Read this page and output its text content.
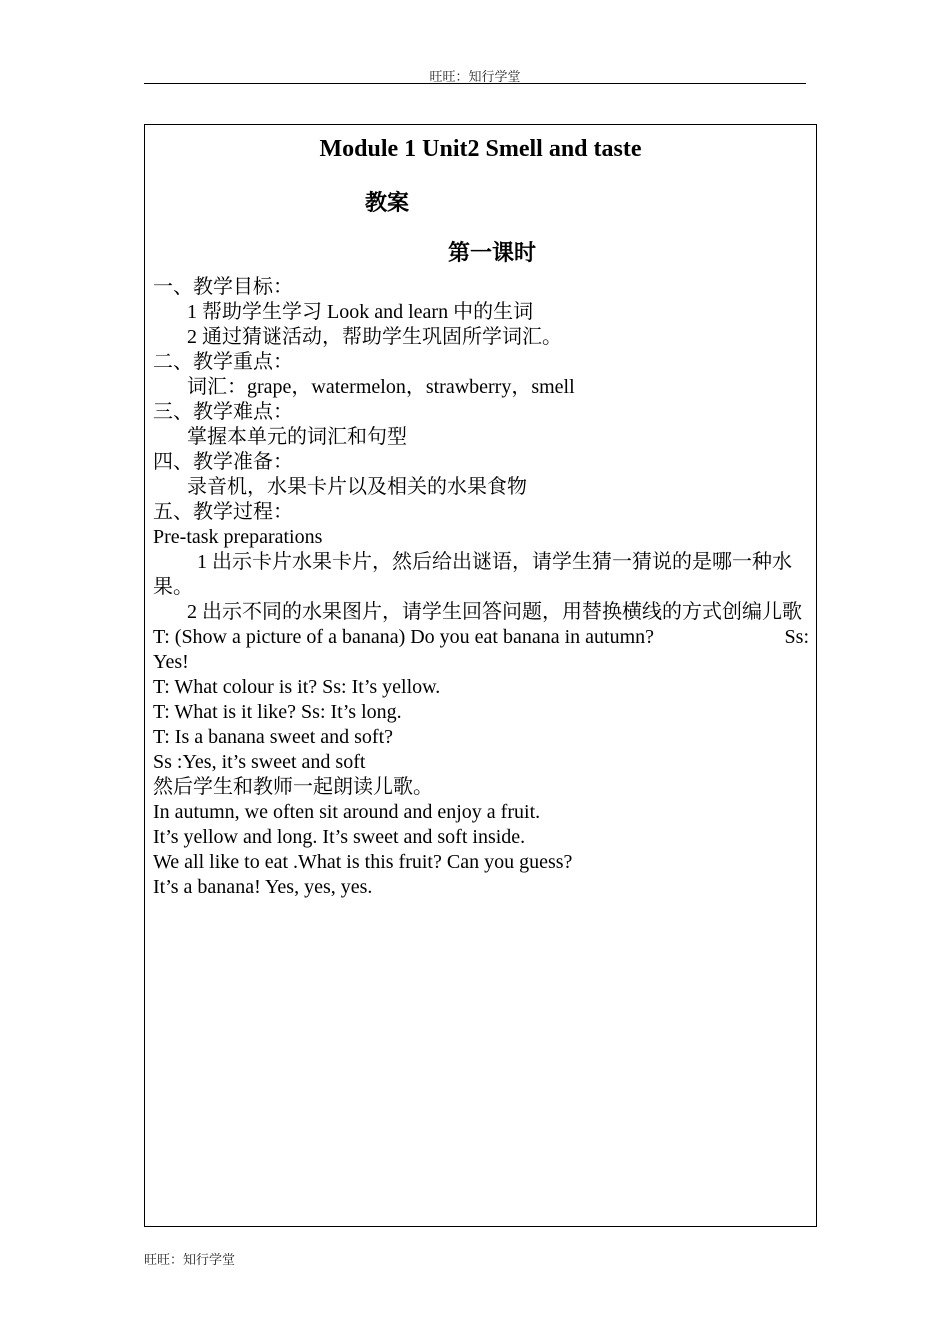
旺旺：知行学堂
Module 1 Unit2 Smell and taste
教案
第一课时

一、教学目标：

1 帮助学生学习 Look and learn 中的生词

2 通过猜谜活动，帮助学生巩固所学词汇。

二、教学重点：

词汇：grape，watermelon，strawberry，smell

三、教学难点：

掌握本单元的词汇和句型

四、教学准备：

录音机，水果卡片以及相关的水果食物

五、教学过程：

Pre-task preparations

1 出示卡片水果卡片，然后给出谜语，请学生猜一猜说的是哪一种水果。

2 出示不同的水果图片，请学生回答问题，用替换横线的方式创编儿歌

T: (Show a picture of a banana) Do you eat banana in autumn?	Ss:

Yes!

T: What colour is it? Ss: It’s yellow.

T: What is it like? Ss: It’s long.

T: Is a banana sweet and soft?

Ss :Yes, it’s sweet and soft

然后学生和教师一起朗读儿歌。

In autumn, we often sit around and enjoy a fruit.

It’s yellow and long. It’s sweet and soft inside.

We all like to eat .What is this fruit? Can you guess?

It’s a banana! Yes, yes, yes.

旺旺：知行学堂
